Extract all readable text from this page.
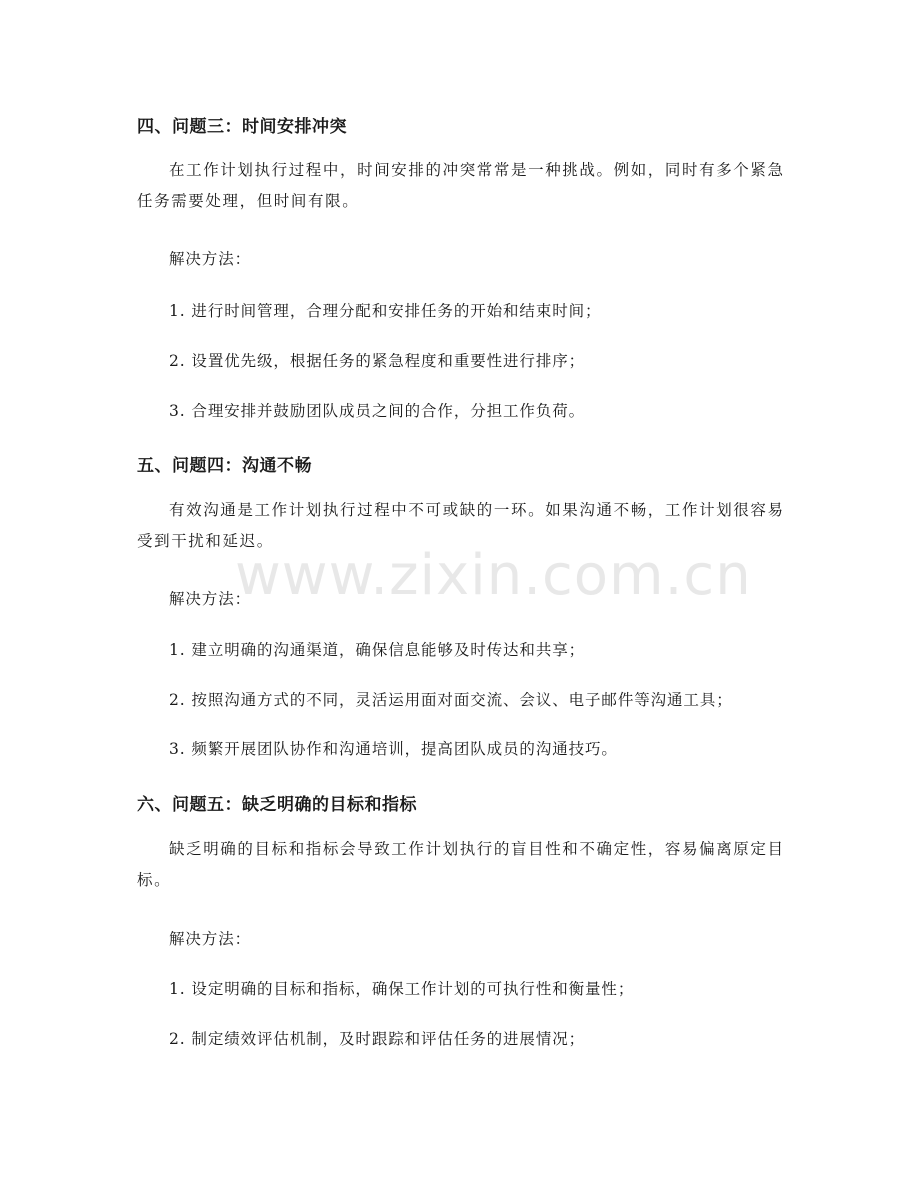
四、问题三：时间安排冲突

在工作计划执行过程中，时间安排的冲突常常是一种挑战。例如，同时有多个紧急任务需要处理，但时间有限。

解决方法：

1. 进行时间管理，合理分配和安排任务的开始和结束时间；

2. 设置优先级，根据任务的紧急程度和重要性进行排序；

3. 合理安排并鼓励团队成员之间的合作，分担工作负荷。

五、问题四：沟通不畅

有效沟通是工作计划执行过程中不可或缺的一环。如果沟通不畅，工作计划很容易受到干扰和延迟。

解决方法：

1. 建立明确的沟通渠道，确保信息能够及时传达和共享；

2. 按照沟通方式的不同，灵活运用面对面交流、会议、电子邮件等沟通工具；

3. 频繁开展团队协作和沟通培训，提高团队成员的沟通技巧。

六、问题五：缺乏明确的目标和指标

缺乏明确的目标和指标会导致工作计划执行的盲目性和不确定性，容易偏离原定目标。

解决方法：

1. 设定明确的目标和指标，确保工作计划的可执行性和衡量性；

2. 制定绩效评估机制，及时跟踪和评估任务的进展情况；

www.zixin.com.cn
